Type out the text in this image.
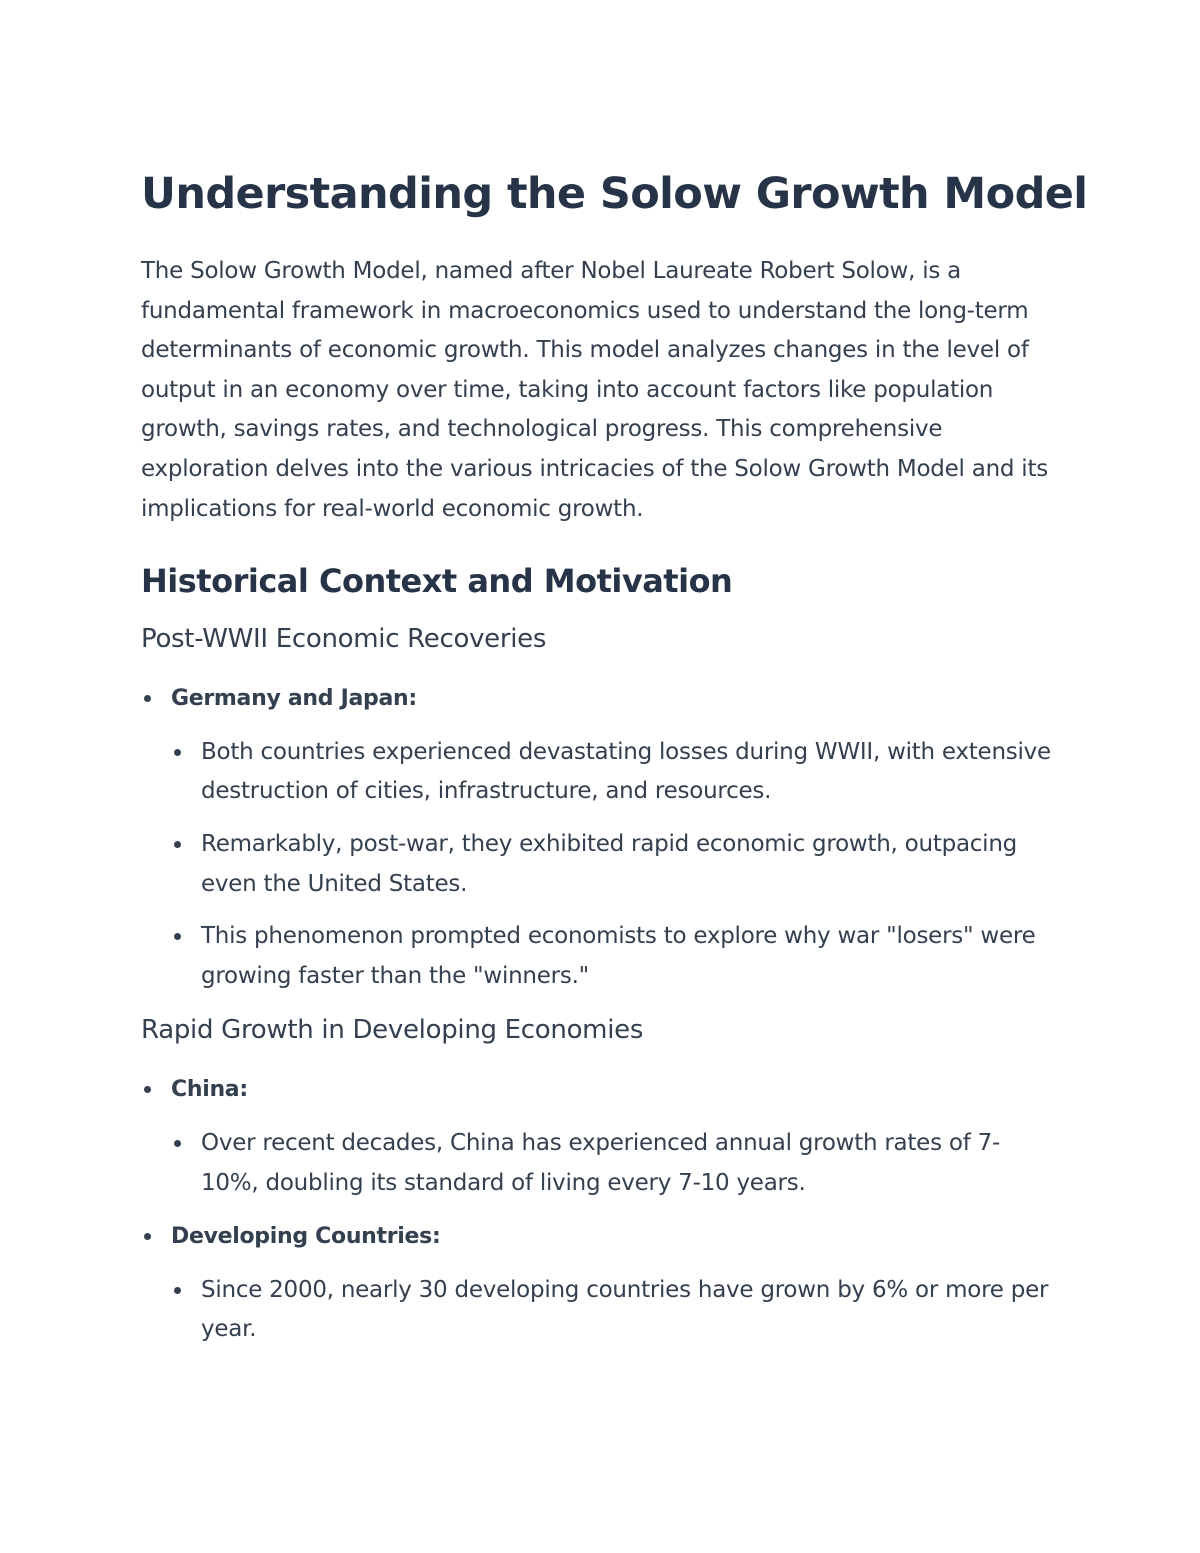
Understanding the Solow Growth Model

The Solow Growth Model, named after Nobel Laureate Robert Solow, is a fundamental framework in macroeconomics used to understand the long-term determinants of economic growth. This model analyzes changes in the level of output in an economy over time, taking into account factors like population growth, savings rates, and technological progress. This comprehensive exploration delves into the various intricacies of the Solow Growth Model and its implications for real-world economic growth.

Historical Context and Motivation
Post-WWII Economic Recoveries
Germany and Japan:
Both countries experienced devastating losses during WWII, with extensive destruction of cities, infrastructure, and resources.
Remarkably, post-war, they exhibited rapid economic growth, outpacing even the United States.
This phenomenon prompted economists to explore why war "losers" were growing faster than the "winners."
Rapid Growth in Developing Economies
China:
Over recent decades, China has experienced annual growth rates of 7-10%, doubling its standard of living every 7-10 years.
Developing Countries:
Since 2000, nearly 30 developing countries have grown by 6% or more per year.
